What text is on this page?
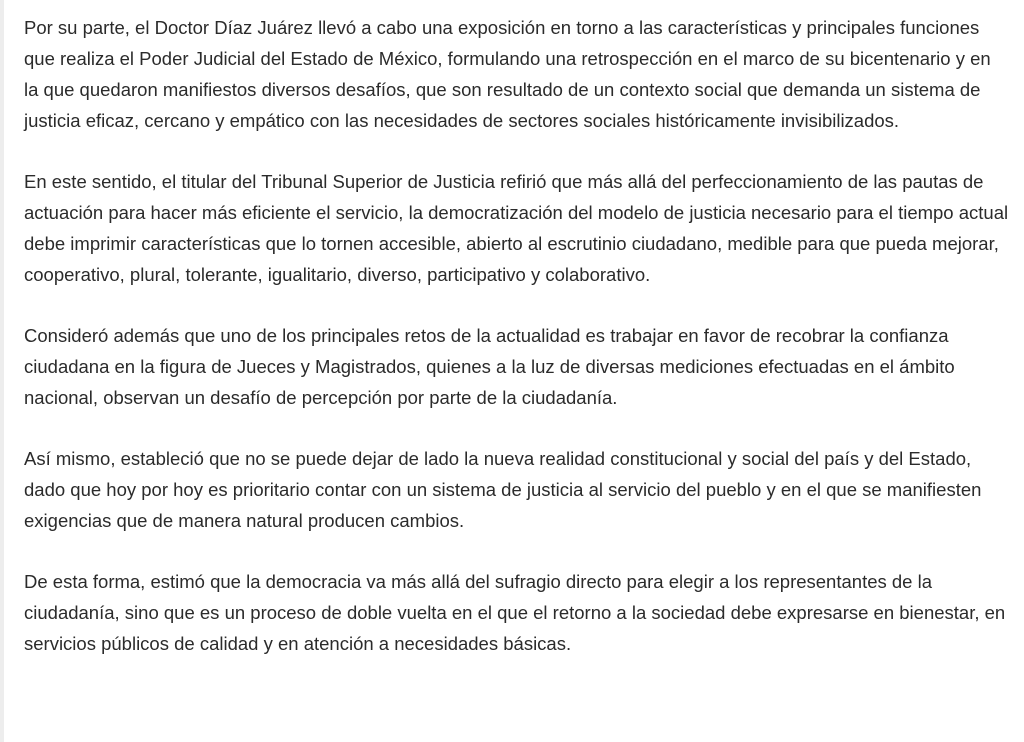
Por su parte, el Doctor Díaz Juárez llevó a cabo una exposición en torno a las características y principales funciones que realiza el Poder Judicial del Estado de México, formulando una retrospección en el marco de su bicentenario y en la que quedaron manifiestos diversos desafíos, que son resultado de un contexto social que demanda un sistema de justicia eficaz, cercano y empático con las necesidades de sectores sociales históricamente invisibilizados.

En este sentido, el titular del Tribunal Superior de Justicia refirió que más allá del perfeccionamiento de las pautas de actuación para hacer más eficiente el servicio, la democratización del modelo de justicia necesario para el tiempo actual debe imprimir características que lo tornen accesible, abierto al escrutinio ciudadano, medible para que pueda mejorar, cooperativo, plural, tolerante, igualitario, diverso, participativo y colaborativo.

Consideró además que uno de los principales retos de la actualidad es trabajar en favor de recobrar la confianza ciudadana en la figura de Jueces y Magistrados, quienes a la luz de diversas mediciones efectuadas en el ámbito nacional, observan un desafío de percepción por parte de la ciudadanía.

Así mismo, estableció que no se puede dejar de lado la nueva realidad constitucional y social del país y del Estado, dado que hoy por hoy es prioritario contar con un sistema de justicia al servicio del pueblo y en el que se manifiesten exigencias que de manera natural producen cambios.

De esta forma, estimó que la democracia va más allá del sufragio directo para elegir a los representantes de la ciudadanía, sino que es un proceso de doble vuelta en el que el retorno a la sociedad debe expresarse en bienestar, en servicios públicos de calidad y en atención a necesidades básicas.
